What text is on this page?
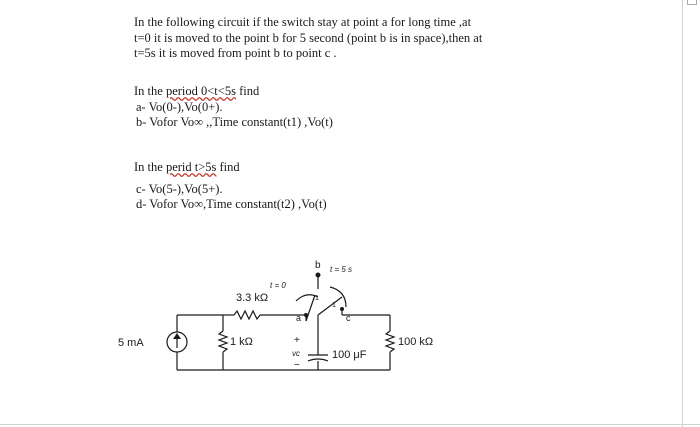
In the following circuit if the switch stay at point a for long time ,at
t=0 it is moved to the point b for 5 second (point b is in space),then at
t=5s it is moved from point b to point c .
In the period 0<t<5s find
a- Vo(0-),Vo(0+).
b- Vofor Vo∞ ,,Time constant(t1) ,Vo(t)
In the perid t>5s find
c- Vo(5-),Vo(5+).
d- Vofor Vo∞,Time constant(t2) ,Vo(t)
5 mA
3.3 kΩ
1 kΩ	100 kΩ
100 μF
t = 0
t = 5 s
a
b
c
1
1
+
vc
−
